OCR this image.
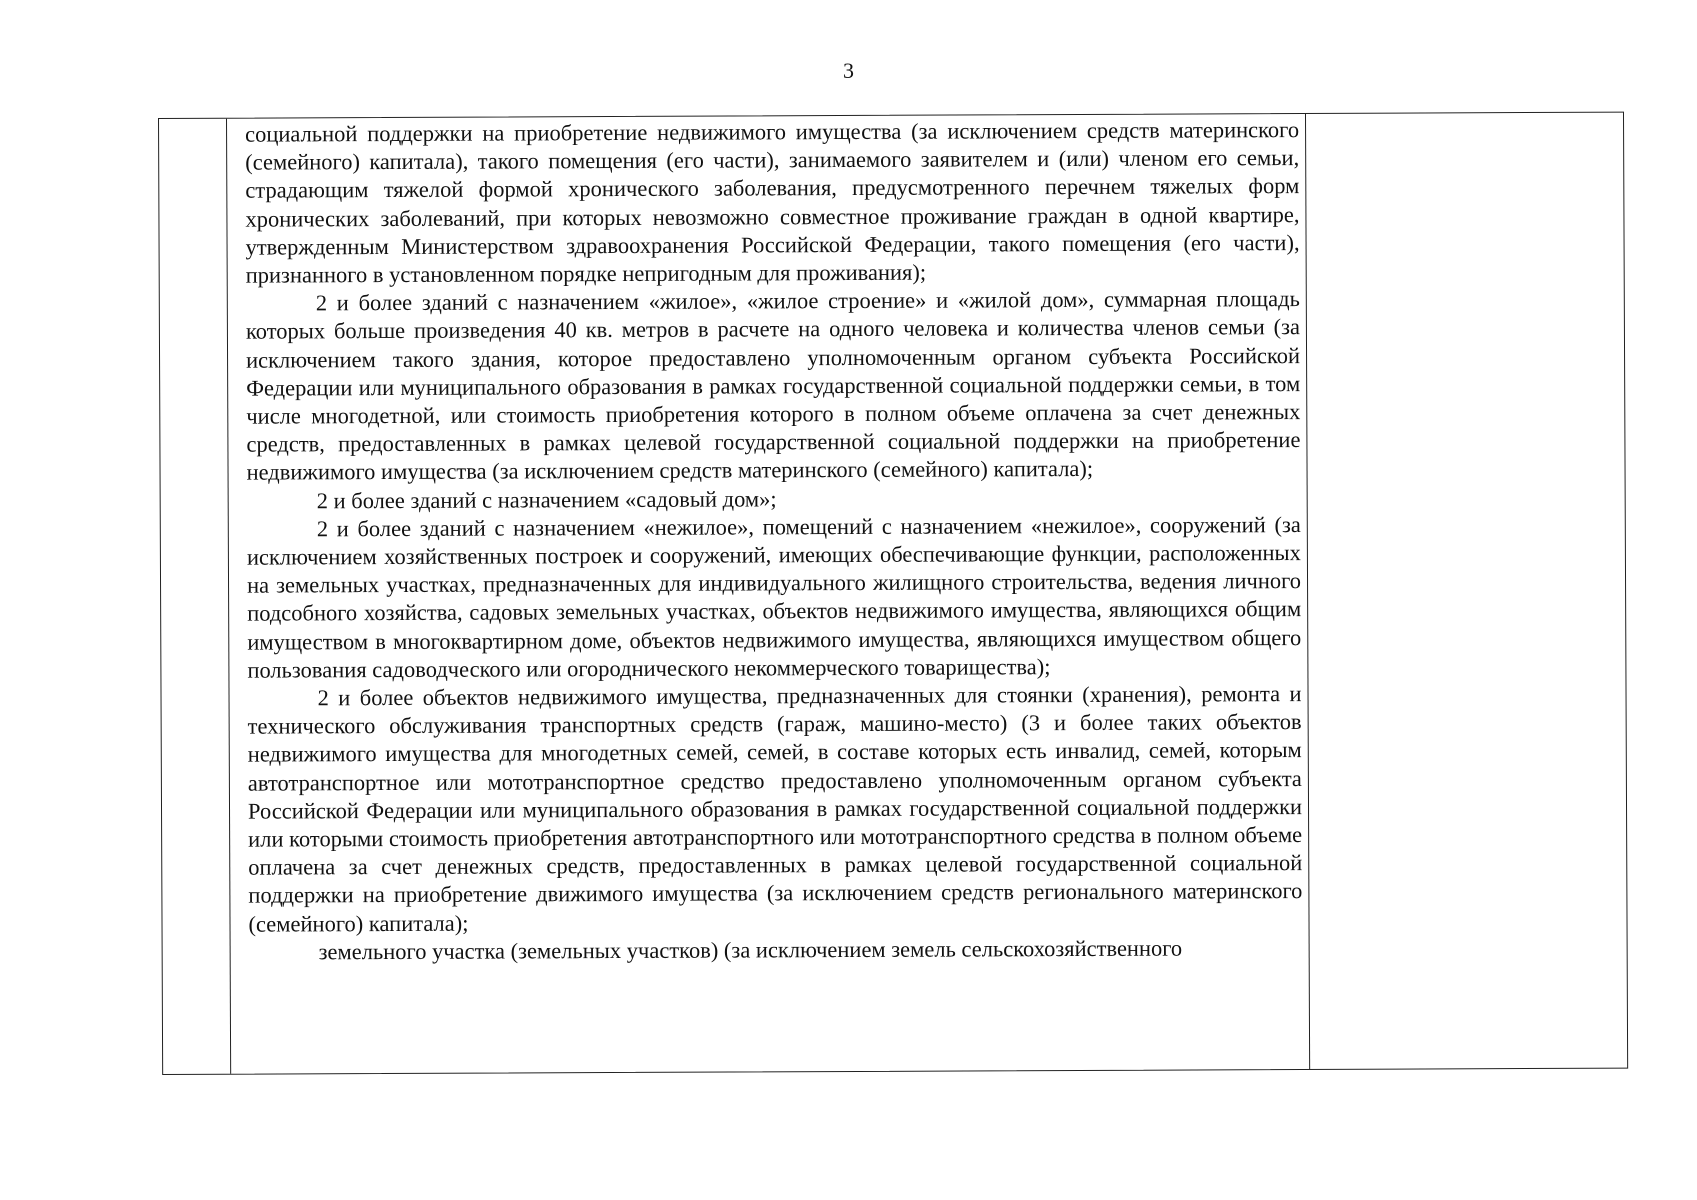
3

социальной поддержки на приобретение недвижимого имущества (за исключением средств материнского (семейного) капитала), такого помещения (его части), занимаемого заявителем и (или) членом его семьи, страдающим тяжелой формой хронического заболевания, предусмотренного перечнем тяжелых форм хронических заболеваний, при которых невозможно совместное проживание граждан в одной квартире, утвержденным Министерством здравоохранения Российской Федерации, такого помещения (его части), признанного в установленном порядке непригодным для проживания);

2 и более зданий с назначением «жилое», «жилое строение» и «жилой дом», суммарная площадь которых больше произведения 40 кв. метров в расчете на одного человека и количества членов семьи (за исключением такого здания, которое предоставлено уполномоченным органом субъекта Российской Федерации или муниципального образования в рамках государственной социальной поддержки семьи, в том числе многодетной, или стоимость приобретения которого в полном объеме оплачена за счет денежных средств, предоставленных в рамках целевой государственной социальной поддержки на приобретение недвижимого имущества (за исключением средств материнского (семейного) капитала);

2 и более зданий с назначением «садовый дом»;

2 и более зданий с назначением «нежилое», помещений с назначением «нежилое», сооружений (за исключением хозяйственных построек и сооружений, имеющих обеспечивающие функции, расположенных на земельных участках, предназначенных для индивидуального жилищного строительства, ведения личного подсобного хозяйства, садовых земельных участках, объектов недвижимого имущества, являющихся общим имуществом в многоквартирном доме, объектов недвижимого имущества, являющихся имуществом общего пользования садоводческого или огороднического некоммерческого товарищества);

2 и более объектов недвижимого имущества, предназначенных для стоянки (хранения), ремонта и технического обслуживания транспортных средств (гараж, машино-место) (3 и более таких объектов недвижимого имущества для многодетных семей, семей, в составе которых есть инвалид, семей, которым автотранспортное или мототранспортное средство предоставлено уполномоченным органом субъекта Российской Федерации или муниципального образования в рамках государственной социальной поддержки или которыми стоимость приобретения автотранспортного или мототранспортного средства в полном объеме оплачена за счет денежных средств, предоставленных в рамках целевой государственной социальной поддержки на приобретение движимого имущества (за исключением средств регионального материнского (семейного) капитала);

земельного участка (земельных участков) (за исключением земель сельскохозяйственного
